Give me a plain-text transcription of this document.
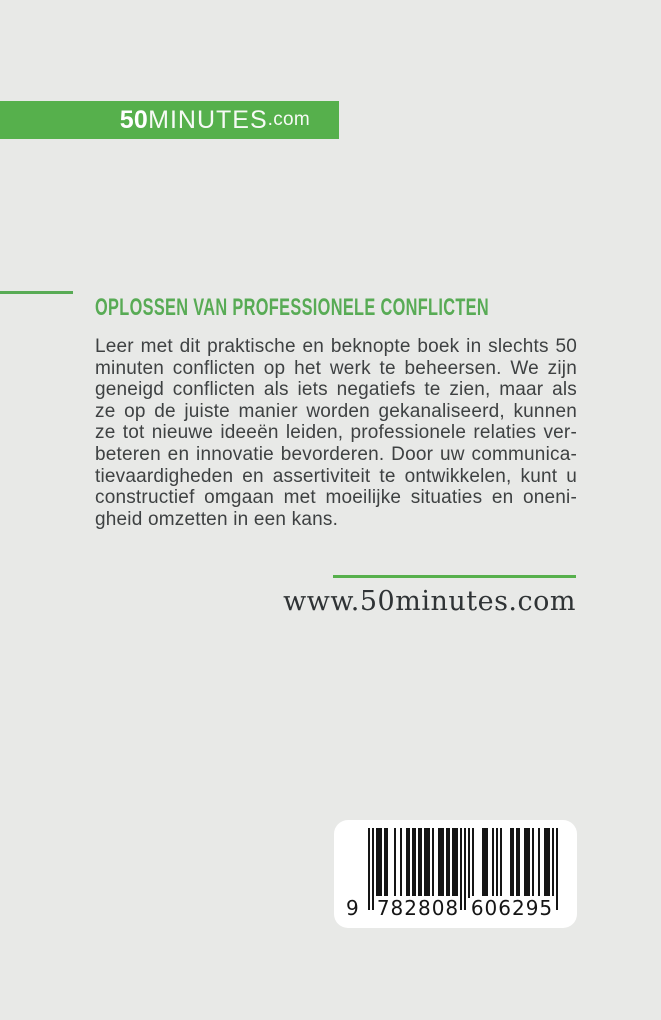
50 MINUTES .com
OPLOSSEN VAN PROFESSIONELE CONFLICTEN
Leer met dit praktische en beknopte boek in slechts 50
minuten conflicten op het werk te beheersen. We zijn
geneigd conflicten als iets negatiefs te zien, maar als
ze op de juiste manier worden gekanaliseerd, kunnen
ze tot nieuwe ideeën leiden, professionele relaties ver-
beteren en innovatie bevorderen. Door uw communica-
tievaardigheden en assertiviteit te ontwikkelen, kunt u
constructief omgaan met moeilijke situaties en oneni-
gheid omzetten in een kans.
www.50minutes.com
9 782808 606295
